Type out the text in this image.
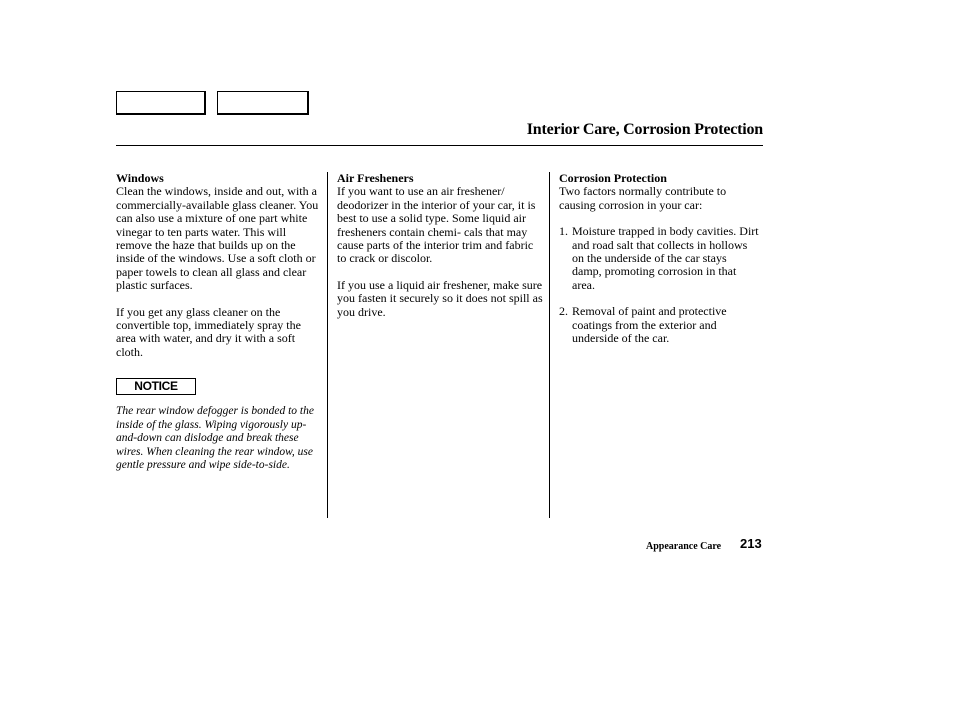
Interior Care, Corrosion Protection
Windows

Clean the windows, inside and out, with a commercially-available glass cleaner. You can also use a mixture of one part white vinegar to ten parts water. This will remove the haze that builds up on the inside of the windows. Use a soft cloth or paper towels to clean all glass and clear plastic surfaces.

If you get any glass cleaner on the convertible top, immediately spray the area with water, and dry it with a soft cloth.

NOTICE

The rear window defogger is bonded to the inside of the glass. Wiping vigorously up-and-down can dislodge and break these wires. When cleaning the rear window, use gentle pressure and wipe side-to-side.

Air Fresheners

If you want to use an air freshener/ deodorizer in the interior of your car, it is best to use a solid type. Some liquid air fresheners contain chemi- cals that may cause parts of the interior trim and fabric to crack or discolor.

If you use a liquid air freshener, make sure you fasten it securely so it does not spill as you drive.

Corrosion Protection

Two factors normally contribute to causing corrosion in your car:

1. Moisture trapped in body cavities. Dirt and road salt that collects in hollows on the underside of the car stays damp, promoting corrosion in that area.
2. Removal of paint and protective coatings from the exterior and underside of the car.
Appearance Care 213
